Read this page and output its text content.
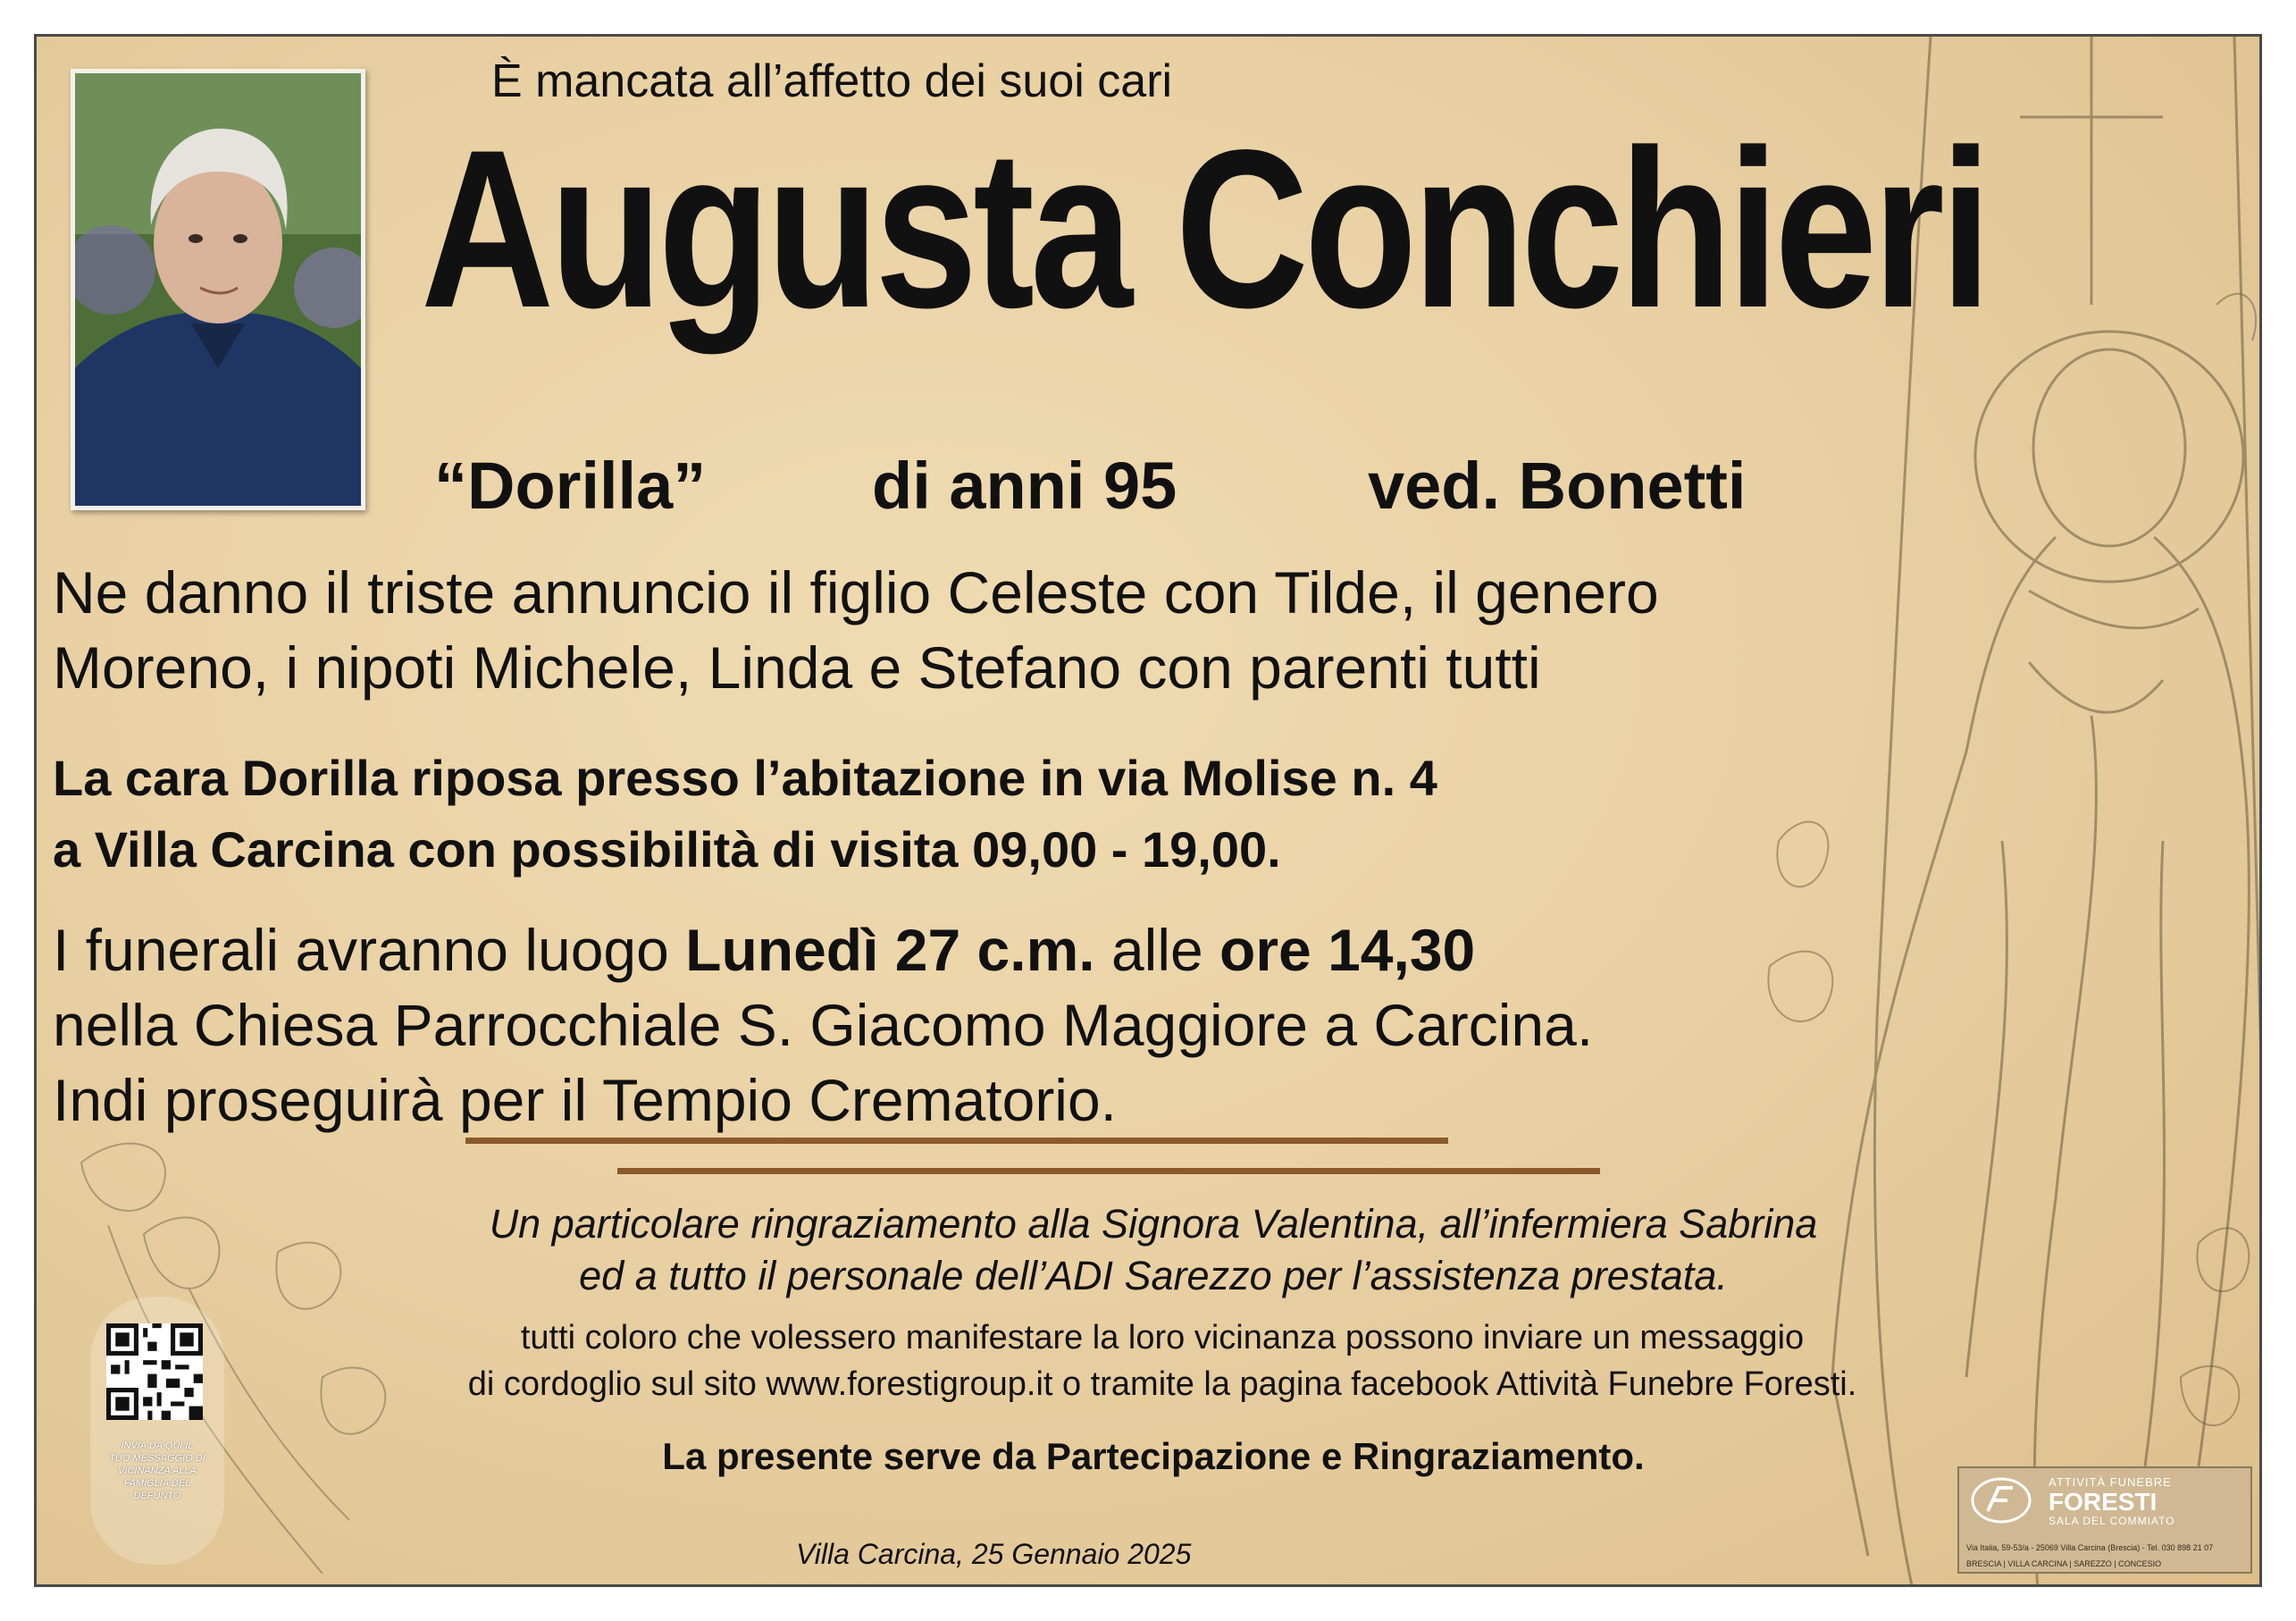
È mancata all’affetto dei suoi cari
Augusta Conchieri
“Dorilla”	di anni 95	ved. Bonetti
Ne danno il triste annuncio il figlio Celeste con Tilde, il genero
Moreno, i nipoti Michele, Linda e Stefano con parenti tutti
La cara Dorilla riposa presso l’abitazione in via Molise n. 4
a Villa Carcina con possibilità di visita 09,00 - 19,00.
I funerali avranno luogo Lunedì 27 c.m. alle ore 14,30
nella Chiesa Parrocchiale S. Giacomo Maggiore a Carcina.
Indi proseguirà per il Tempio Crematorio.
Un particolare ringraziamento alla Signora Valentina, all’infermiera Sabrina
ed a tutto il personale dell’ADI Sarezzo per l’assistenza prestata.
tutti coloro che volessero manifestare la loro vicinanza possono inviare un messaggio
di cordoglio sul sito www.forestigroup.it o tramite la pagina facebook Attività Funebre Foresti.
La presente serve da Partecipazione e Ringraziamento.
Villa Carcina, 25 Gennaio 2025
INVIA DA QUI IL
TUO MESSAGGIO DI
VICINANZA ALLA
FAMIGLIA DEL
DEFUNTO
ATTIVITÀ FUNEBRE
FORESTI
SALA DEL COMMIATO
Via Italia, 59-53/a - 25069 Villa Carcina (Brescia) - Tel. 030 898 21 07
BRESCIA | VILLA CARCINA | SAREZZO | CONCESIO
